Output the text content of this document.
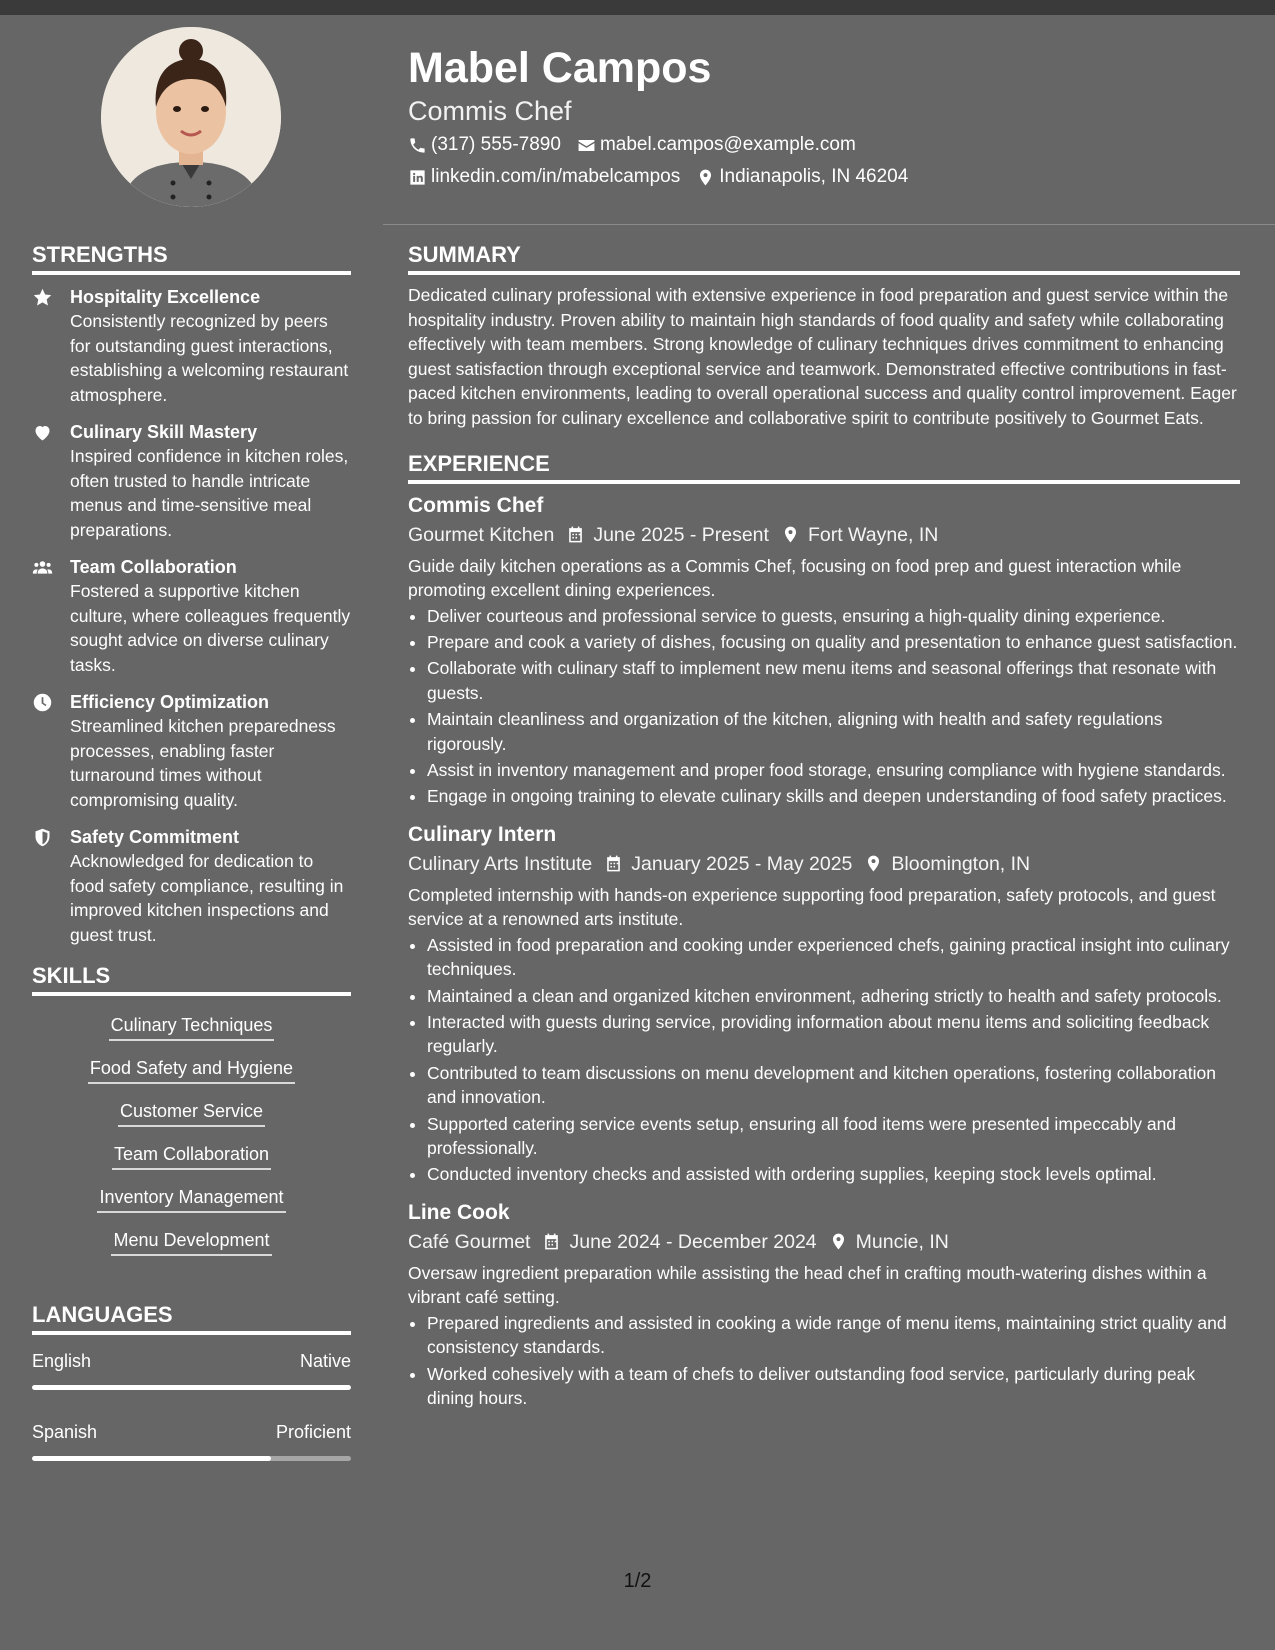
Mabel Campos
Commis Chef
(317) 555-7890 mabel.campos@example.com
linkedin.com/in/mabelcampos Indianapolis, IN 46204
STRENGTHS
Hospitality Excellence

Consistently recognized by peers for outstanding guest interactions, establishing a welcoming restaurant atmosphere.

Culinary Skill Mastery

Inspired confidence in kitchen roles, often trusted to handle intricate menus and time-sensitive meal preparations.

Team Collaboration

Fostered a supportive kitchen culture, where colleagues frequently sought advice on diverse culinary tasks.

Efficiency Optimization

Streamlined kitchen preparedness processes, enabling faster turnaround times without compromising quality.

Safety Commitment

Acknowledged for dedication to food safety compliance, resulting in improved kitchen inspections and guest trust.

SKILLS
Culinary Techniques
Food Safety and Hygiene
Customer Service
Team Collaboration
Inventory Management
Menu Development
LANGUAGES
English	Native
Spanish	Proficient
SUMMARY

Dedicated culinary professional with extensive experience in food preparation and guest service within the hospitality industry. Proven ability to maintain high standards of food quality and safety while collaborating effectively with team members. Strong knowledge of culinary techniques drives commitment to enhancing guest satisfaction through exceptional service and teamwork. Demonstrated effective contributions in fast-paced kitchen environments, leading to overall operational success and quality control improvement. Eager to bring passion for culinary excellence and collaborative spirit to contribute positively to Gourmet Eats.

EXPERIENCE
Commis Chef
Gourmet Kitchen June 2025 - Present Fort Wayne, IN

Guide daily kitchen operations as a Commis Chef, focusing on food prep and guest interaction while promoting excellent dining experiences.

• Deliver courteous and professional service to guests, ensuring a high-quality dining experience.
• Prepare and cook a variety of dishes, focusing on quality and presentation to enhance guest satisfaction.
• Collaborate with culinary staff to implement new menu items and seasonal offerings that resonate with guests.
• Maintain cleanliness and organization of the kitchen, aligning with health and safety regulations rigorously.
• Assist in inventory management and proper food storage, ensuring compliance with hygiene standards.
• Engage in ongoing training to elevate culinary skills and deepen understanding of food safety practices.
Culinary Intern
Culinary Arts Institute January 2025 - May 2025 Bloomington, IN

Completed internship with hands-on experience supporting food preparation, safety protocols, and guest service at a renowned arts institute.

• Assisted in food preparation and cooking under experienced chefs, gaining practical insight into culinary techniques.
• Maintained a clean and organized kitchen environment, adhering strictly to health and safety protocols.
• Interacted with guests during service, providing information about menu items and soliciting feedback regularly.
• Contributed to team discussions on menu development and kitchen operations, fostering collaboration and innovation.
• Supported catering service events setup, ensuring all food items were presented impeccably and professionally.
• Conducted inventory checks and assisted with ordering supplies, keeping stock levels optimal.
Line Cook
Café Gourmet June 2024 - December 2024 Muncie, IN

Oversaw ingredient preparation while assisting the head chef in crafting mouth-watering dishes within a vibrant café setting.

• Prepared ingredients and assisted in cooking a wide range of menu items, maintaining strict quality and consistency standards.
• Worked cohesively with a team of chefs to deliver outstanding food service, particularly during peak dining hours.
1/2
